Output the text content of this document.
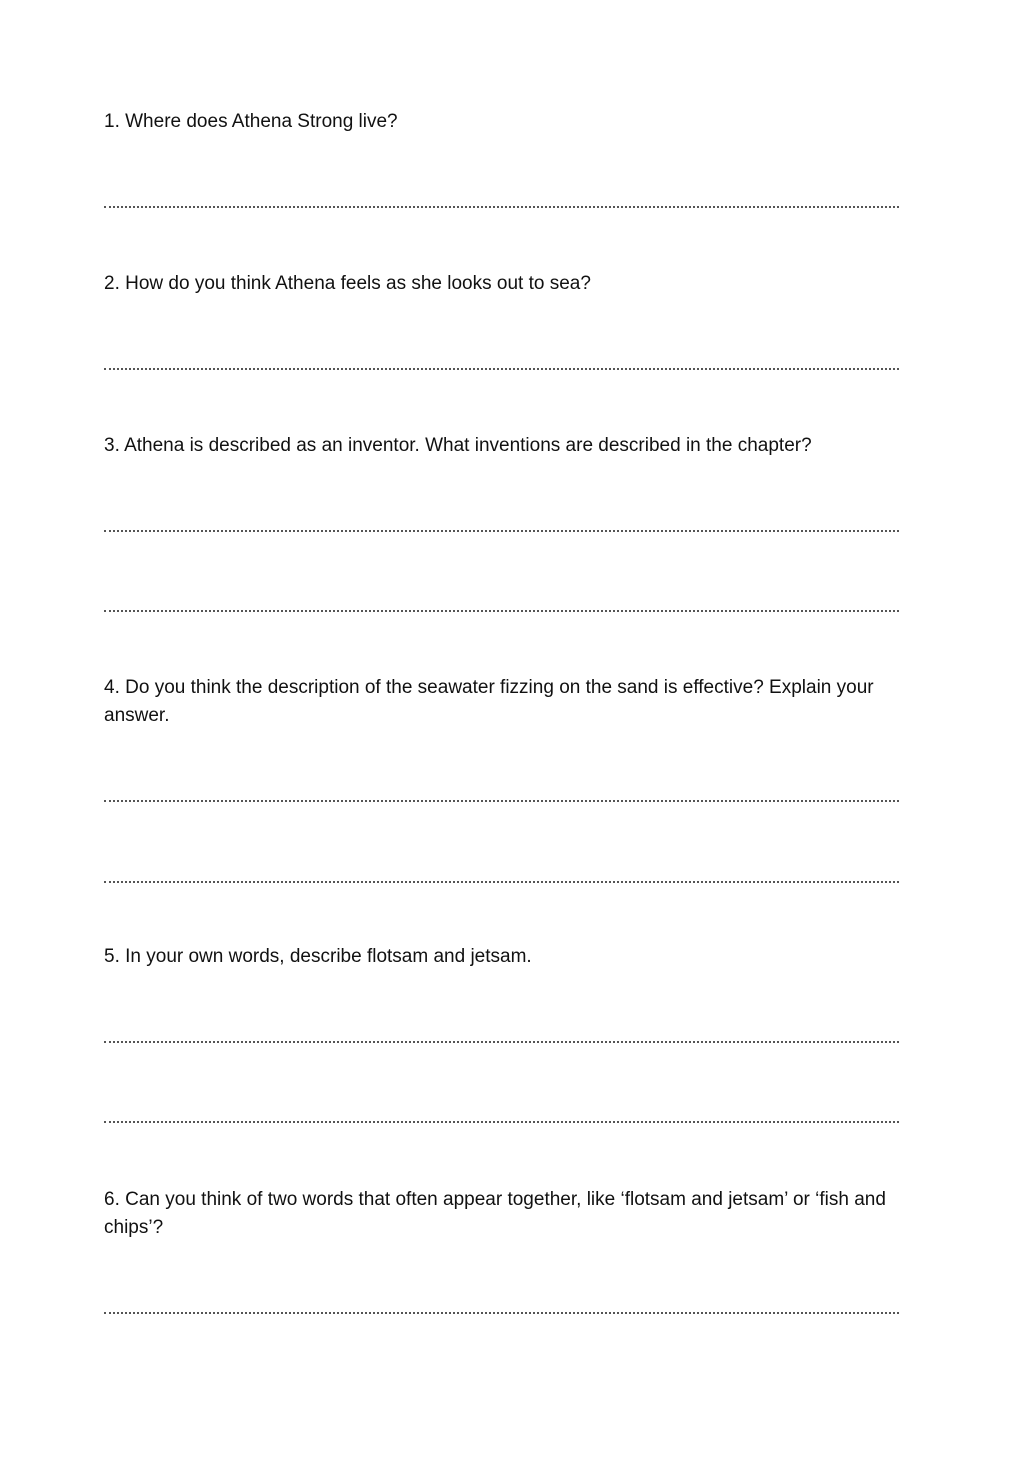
1. Where does Athena Strong live?

2. How do you think Athena feels as she looks out to sea?

3. Athena is described as an inventor. What inventions are described in the chapter?

4. Do you think the description of the seawater fizzing on the sand is effective? Explain your answer.

5. In your own words, describe flotsam and jetsam.

6. Can you think of two words that often appear together, like ‘flotsam and jetsam’ or ‘fish and chips’?
